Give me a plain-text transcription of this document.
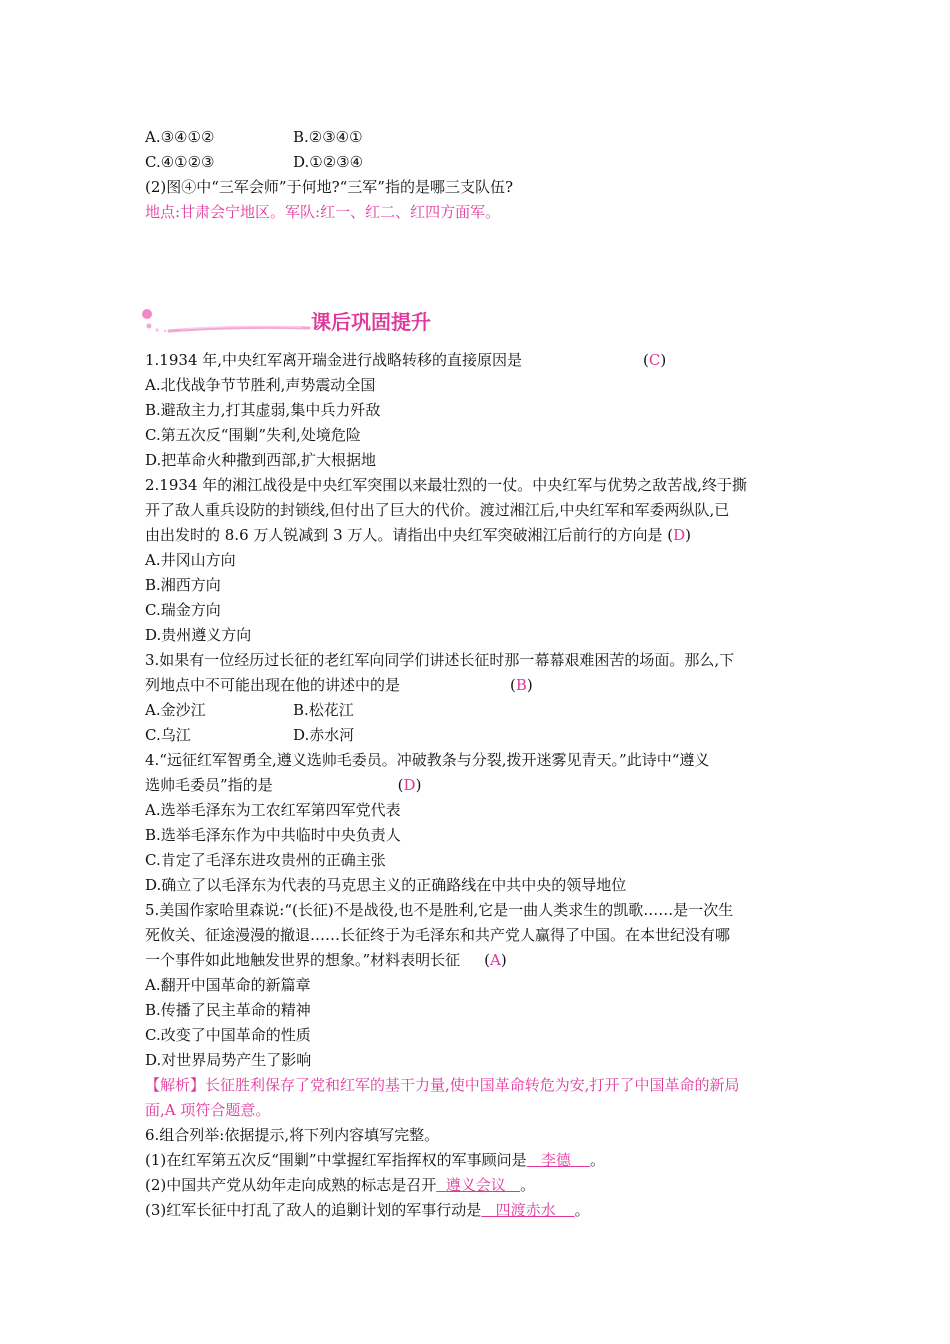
A.③④①②	B.②③④①
C.④①②③	D.①②③④
(2)图④中“三军会师”于何地?“三军”指的是哪三支队伍?
地点:甘肃会宁地区。军队:红一、红二、红四方面军。
课后巩固提升
1.1934 年,中央红军离开瑞金进行战略转移的直接原因是	(C)
A.北伐战争节节胜利,声势震动全国
B.避敌主力,打其虚弱,集中兵力歼敌
C.第五次反“围剿”失利,处境危险
D.把革命火种撒到西部,扩大根据地
2.1934 年的湘江战役是中央红军突围以来最壮烈的一仗。中央红军与优势之敌苦战,终于撕
开了敌人重兵设防的封锁线,但付出了巨大的代价。渡过湘江后,中央红军和军委两纵队,已
由出发时的 8.6 万人锐减到 3 万人。请指出中央红军突破湘江后前行的方向是 (D)
A.井冈山方向
B.湘西方向
C.瑞金方向
D.贵州遵义方向
3.如果有一位经历过长征的老红军向同学们讲述长征时那一幕幕艰难困苦的场面。那么,下
列地点中不可能出现在他的讲述中的是	(B)
A.金沙江	B.松花江
C.乌江	D.赤水河
4.“远征红军智勇全,遵义选帅毛委员。冲破教条与分裂,拨开迷雾见青天。”此诗中“遵义
选帅毛委员”指的是	(D)
A.选举毛泽东为工农红军第四军党代表
B.选举毛泽东作为中共临时中央负责人
C.肯定了毛泽东进攻贵州的正确主张
D.确立了以毛泽东为代表的马克思主义的正确路线在中共中央的领导地位
5.美国作家哈里森说:“(长征)不是战役,也不是胜利,它是一曲人类求生的凯歌……是一次生
死攸关、征途漫漫的撤退……长征终于为毛泽东和共产党人赢得了中国。在本世纪没有哪
一个事件如此地触发世界的想象。”材料表明长征 (A)
A.翻开中国革命的新篇章
B.传播了民主革命的精神
C.改变了中国革命的性质
D.对世界局势产生了影响
【解析】长征胜利保存了党和红军的基干力量,使中国革命转危为安,打开了中国革命的新局
面,A 项符合题意。
6.组合列举:依据提示,将下列内容填写完整。
(1)在红军第五次反“围剿”中掌握红军指挥权的军事顾问是 李德 。
(2)中国共产党从幼年走向成熟的标志是召开 遵义会议 。
(3)红军长征中打乱了敌人的追剿计划的军事行动是 四渡赤水 。
